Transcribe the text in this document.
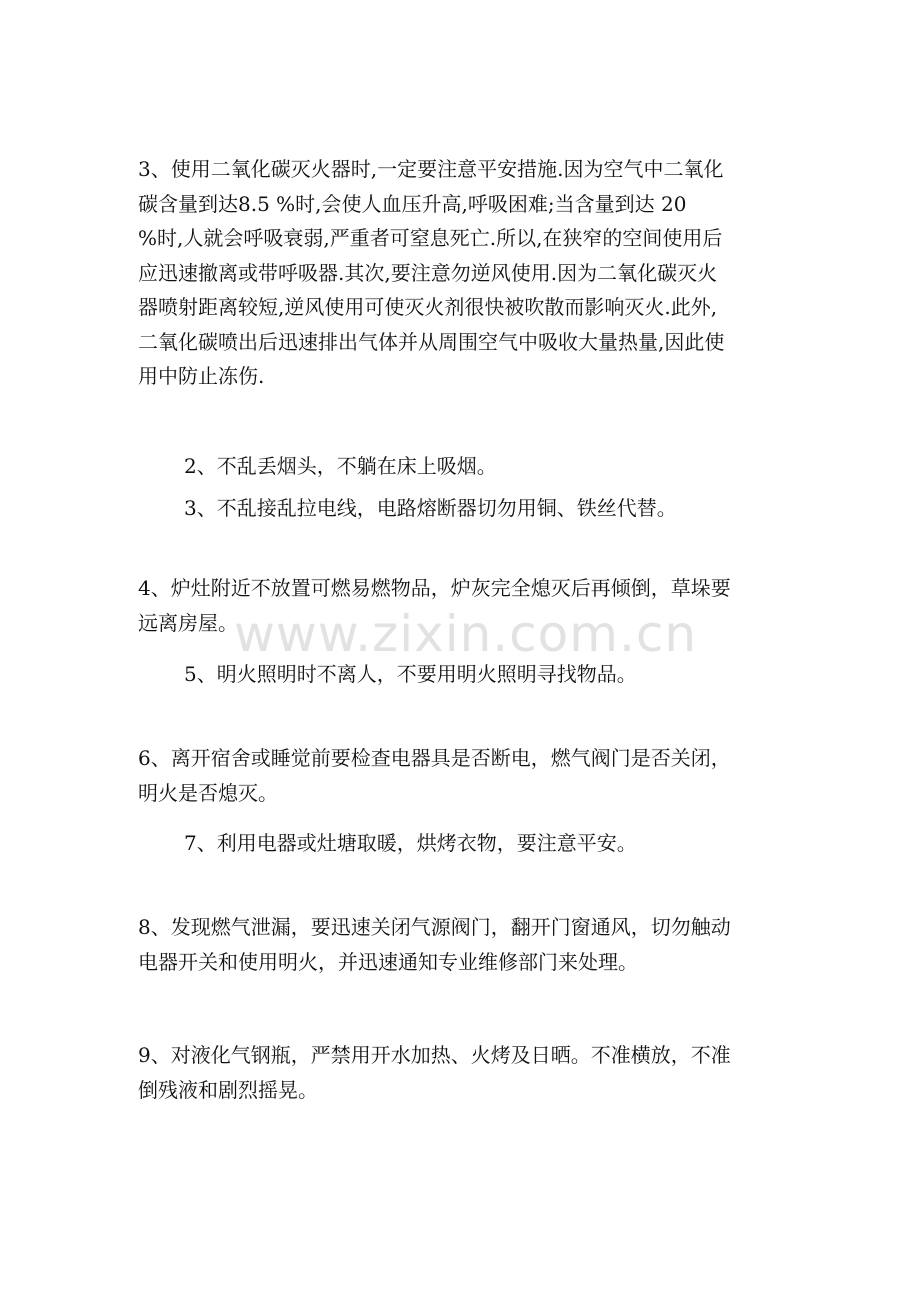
www.zixin.com.cn

3、使用二氧化碳灭火器时,一定要注意平安措施.因为空气中二氧化
碳含量到达8.5 %时,会使人血压升高,呼吸困难;当含量到达 20
%时,人就会呼吸衰弱,严重者可窒息死亡.所以,在狭窄的空间使用后
应迅速撤离或带呼吸器.其次,要注意勿逆风使用.因为二氧化碳灭火
器喷射距离较短,逆风使用可使灭火剂很快被吹散而影响灭火.此外,
二氧化碳喷出后迅速排出气体并从周围空气中吸收大量热量,因此使
用中防止冻伤.

2、不乱丢烟头，不躺在床上吸烟。

3、不乱接乱拉电线，电路熔断器切勿用铜、铁丝代替。

4、炉灶附近不放置可燃易燃物品，炉灰完全熄灭后再倾倒，草垛要
远离房屋。

5、明火照明时不离人，不要用明火照明寻找物品。

6、离开宿舍或睡觉前要检查电器具是否断电，燃气阀门是否关闭，
明火是否熄灭。

7、利用电器或灶塘取暖，烘烤衣物，要注意平安。

8、发现燃气泄漏，要迅速关闭气源阀门，翻开门窗通风，切勿触动
电器开关和使用明火，并迅速通知专业维修部门来处理。

9、对液化气钢瓶，严禁用开水加热、火烤及日晒。不准横放，不准
倒残液和剧烈摇晃。
